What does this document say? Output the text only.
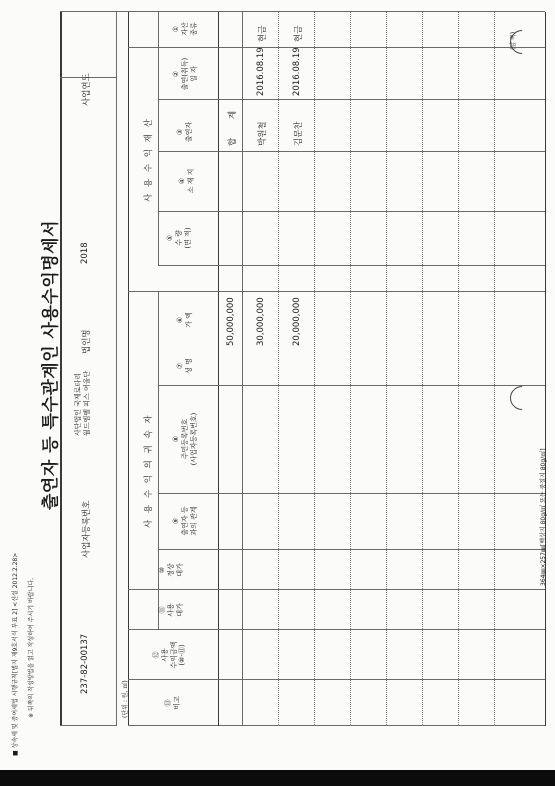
■ 상속세 및 증여세법 시행규칙[별지 제9호서식 부표 2] <신설 2012.2.28>	※ 뒤쪽의 작성방법을 읽고 작성하여 주시기 바랍니다.
출연자 등 특수관계인 사용수익명세서
(앞 쪽)
사업연도
2018
법인명
사단법인 국제로타리 월드엠펠 피스 여울단
사업자등록번호
237-82-00137
(단위 : 원, ㎡)
사 용 수 익 재 산
사 용 수 익 의 귀 속 자
①
자산
종류
②
출연(취득)
일 자
③
출연자
④
소 재 지
⑤
수 량
(면 적)
⑥
가 액
⑦
성 명
⑧
주민등록번호
(사업자등록번호)
⑨
출연자 등
과의 관계
⑩
정상
대가
⑪
사용
대가
⑫
사용
수익금액
(⑩-⑪)
⑬
비고
합 계
50,000,000
현금
2016.08.19
박원철
30,000,000
현금
2016.08.19
김문찬
20,000,000
364㎜×257㎜[백상지 80g/㎡ 또는 중질지 80g/㎡]
